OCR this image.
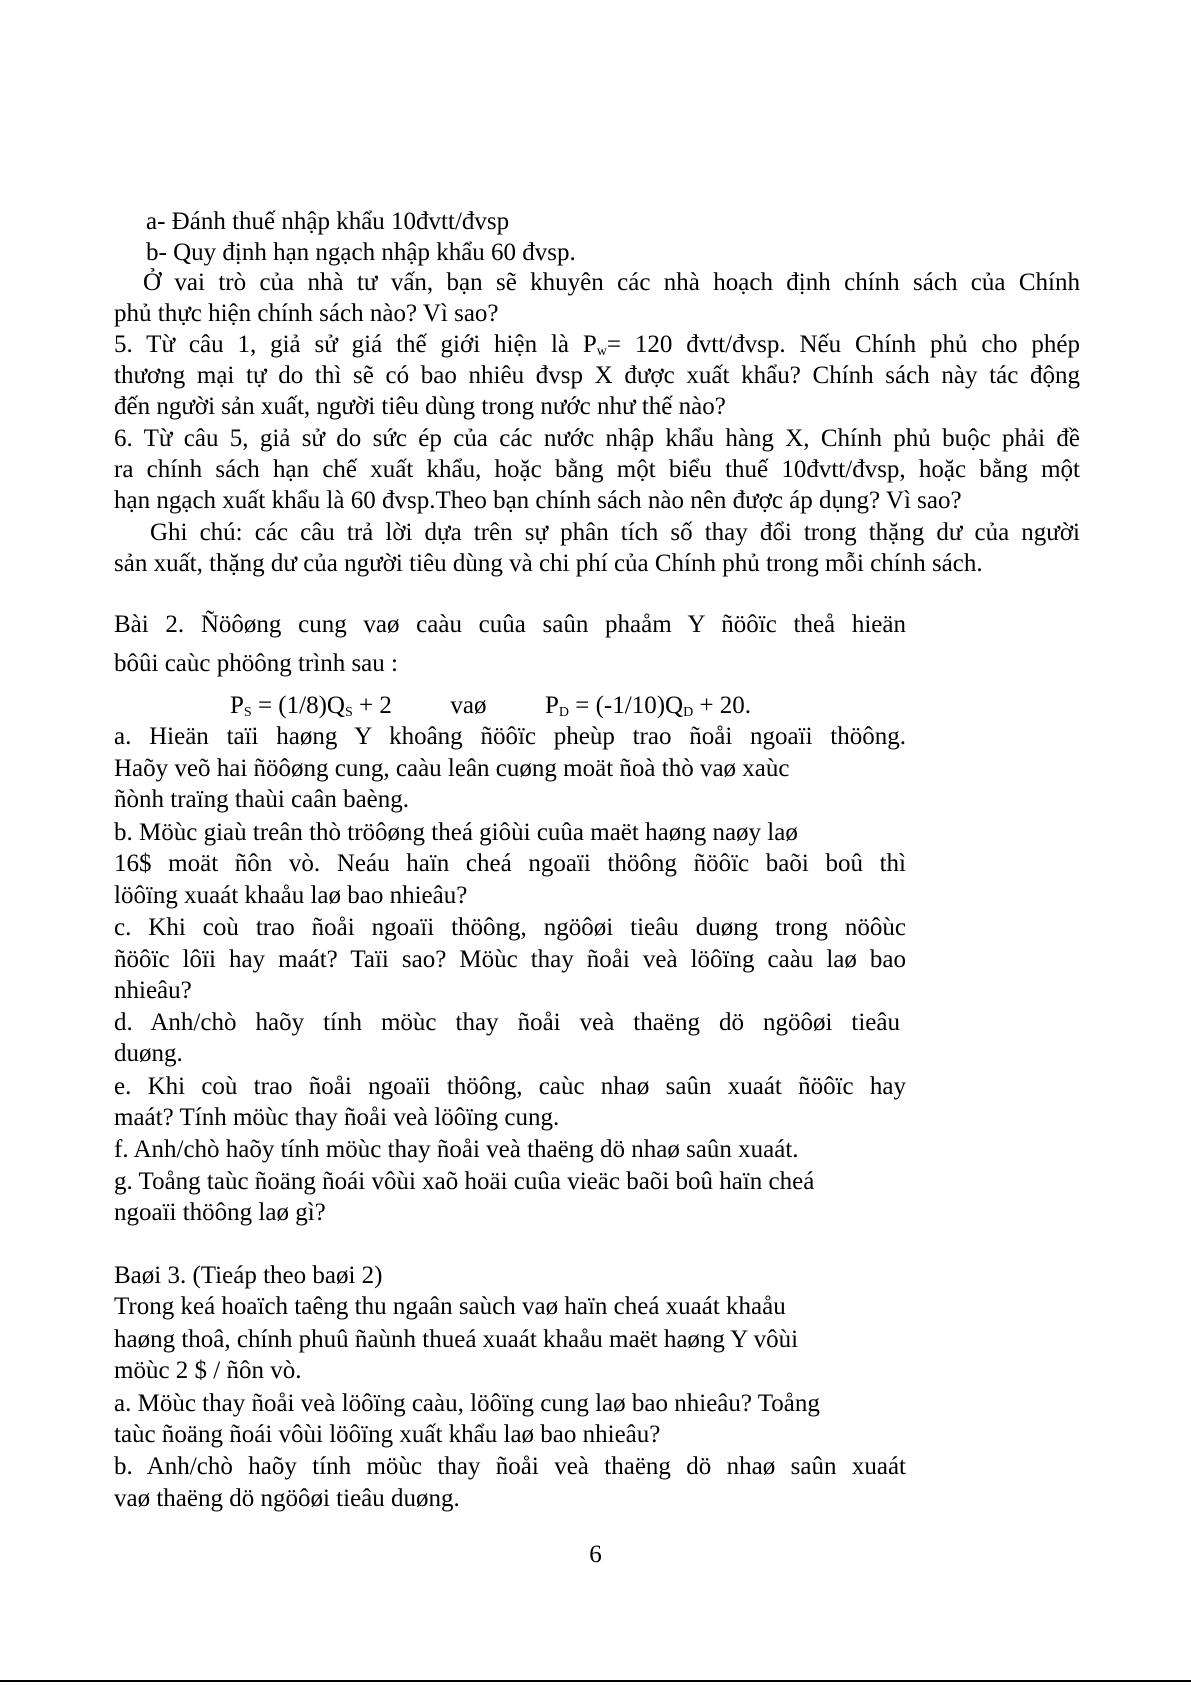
a- Đánh thuế nhập khẩu 10đvtt/đvsp
b- Quy định hạn ngạch nhập khẩu 60 đvsp.
Ở vai trò của nhà tư vấn, bạn sẽ khuyên các nhà hoạch định chính sách của Chính
phủ thực hiện chính sách nào? Vì sao?
5. Từ câu 1, giả sử giá thế giới hiện là $P_w= 120$ đvtt/đvsp. Nếu Chính phủ cho phép
thương mại tự do thì sẽ có bao nhiêu đvsp X được xuất khẩu? Chính sách này tác động
đến người sản xuất, người tiêu dùng trong nước như thế nào?
6. Từ câu 5, giả sử do sức ép của các nước nhập khẩu hàng X, Chính phủ buộc phải đề
ra chính sách hạn chế xuất khẩu, hoặc bằng một biểu thuế 10đvtt/đvsp, hoặc bằng một
hạn ngạch xuất khẩu là 60 đvsp.Theo bạn chính sách nào nên được áp dụng? Vì sao?
Ghi chú: các câu trả lời dựa trên sự phân tích số thay đổi trong thặng dư của người
sản xuất, thặng dư của người tiêu dùng và chi phí của Chính phủ trong mỗi chính sách.
Bài 2. Ñöôøng cung vaø caàu cuûa saûn phaåm Y ñöôïc theå hieän
bôûi caùc phöông trình sau :
$P_S = (1/8)Q_S + 2$ vaø $P_D = (-1/10)Q_D + 20$.
a. Hieän taïi haøng Y khoâng ñöôïc pheùp trao ñoåi ngoaïi thöông.
Haõy veõ hai ñöôøng cung, caàu leân cuøng moät ñoà thò vaø xaùc
ñònh traïng thaùi caân baèng.
b. Möùc giaù treân thò tröôøng theá giôùi cuûa maët haøng naøy laø
16$ moät ñôn vò. Neáu haïn cheá ngoaïi thöông ñöôïc baõi boû thì
löôïng xuaát khaåu laø bao nhieâu?
c. Khi coù trao ñoåi ngoaïi thöông, ngöôøi tieâu duøng trong nöôùc
ñöôïc lôïi hay maát? Taïi sao? Möùc thay ñoåi veà löôïng caàu laø bao
nhieâu?
d. Anh/chò haõy tính möùc thay ñoåi veà thaëng dö ngöôøi tieâu
duøng.
e. Khi coù trao ñoåi ngoaïi thöông, caùc nhaø saûn xuaát ñöôïc hay
maát? Tính möùc thay ñoåi veà löôïng cung.
f. Anh/chò haõy tính möùc thay ñoåi veà thaëng dö nhaø saûn xuaát.
g. Toång taùc ñoäng ñoái vôùi xaõ hoäi cuûa vieäc baõi boû haïn cheá
ngoaïi thöông laø gì?
Baøi 3. (Tieáp theo baøi 2)
Trong keá hoaïch taêng thu ngaân saùch vaø haïn cheá xuaát khaåu
haøng thoâ, chính phuû ñaùnh thueá xuaát khaåu maët haøng Y vôùi
möùc 2 $ / ñôn vò.
a. Möùc thay ñoåi veà löôïng caàu, löôïng cung laø bao nhieâu? Toång
taùc ñoäng ñoái vôùi löôïng xuất khẩu laø bao nhieâu?
b. Anh/chò haõy tính möùc thay ñoåi veà thaëng dö nhaø saûn xuaát
vaø thaëng dö ngöôøi tieâu duøng.
6
